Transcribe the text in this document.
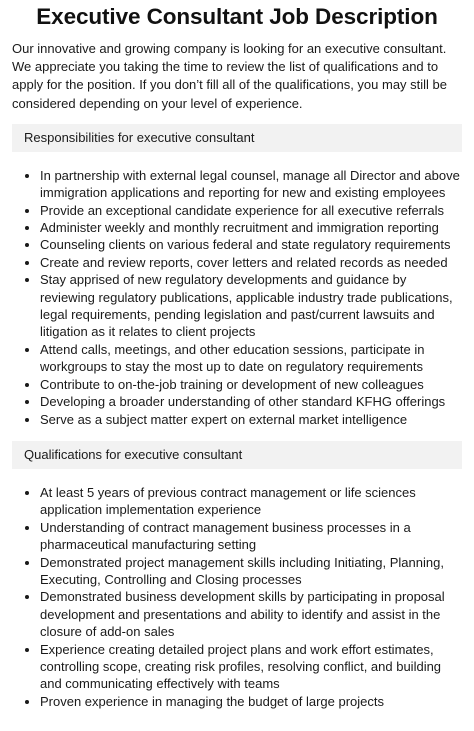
Executive Consultant Job Description

Our innovative and growing company is looking for an executive consultant. We appreciate you taking the time to review the list of qualifications and to apply for the position. If you don’t fill all of the qualifications, you may still be considered depending on your level of experience.

Responsibilities for executive consultant
• In partnership with external legal counsel, manage all Director and above immigration applications and reporting for new and existing employees
• Provide an exceptional candidate experience for all executive referrals
• Administer weekly and monthly recruitment and immigration reporting
• Counseling clients on various federal and state regulatory requirements
• Create and review reports, cover letters and related records as needed
• Stay apprised of new regulatory developments and guidance by reviewing regulatory publications, applicable industry trade publications, legal requirements, pending legislation and past/current lawsuits and litigation as it relates to client projects
• Attend calls, meetings, and other education sessions, participate in workgroups to stay the most up to date on regulatory requirements
• Contribute to on-the-job training or development of new colleagues
• Developing a broader understanding of other standard KFHG offerings
• Serve as a subject matter expert on external market intelligence
Qualifications for executive consultant
• At least 5 years of previous contract management or life sciences application implementation experience
• Understanding of contract management business processes in a pharmaceutical manufacturing setting
• Demonstrated project management skills including Initiating, Planning, Executing, Controlling and Closing processes
• Demonstrated business development skills by participating in proposal development and presentations and ability to identify and assist in the closure of add-on sales
• Experience creating detailed project plans and work effort estimates, controlling scope, creating risk profiles, resolving conflict, and building and communicating effectively with teams
• Proven experience in managing the budget of large projects
